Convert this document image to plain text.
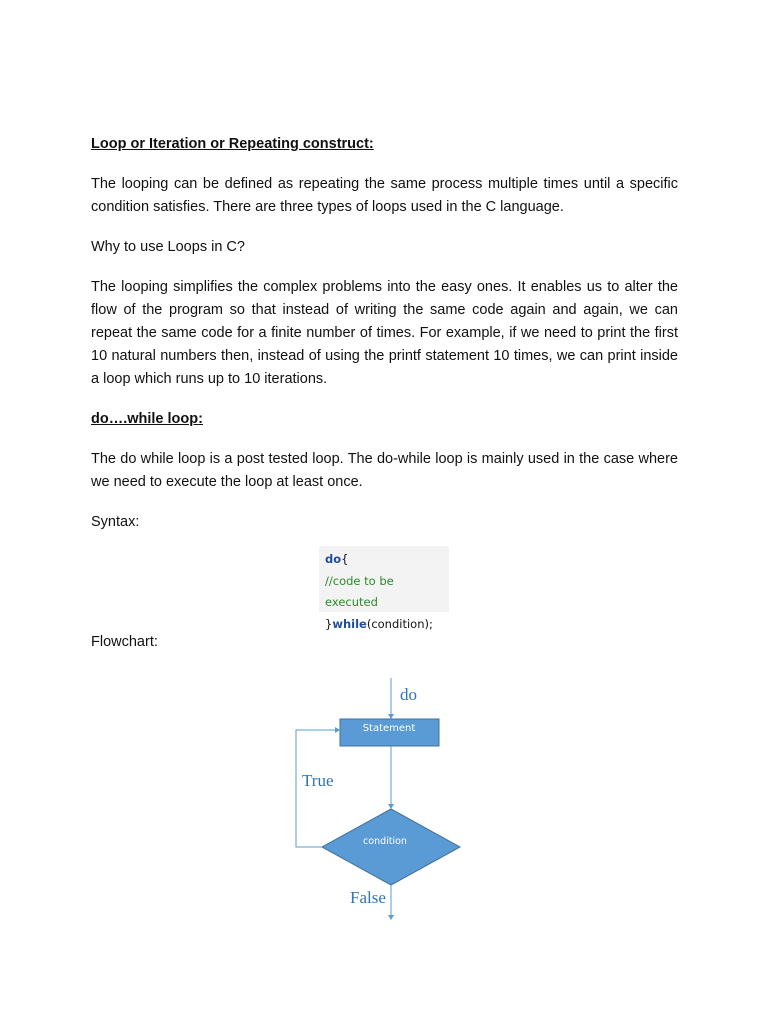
Loop or Iteration or Repeating construct:

The looping can be defined as repeating the same process multiple times until a specific condition satisfies. There are three types of loops used in the C language.

Why to use Loops in C?

The looping simplifies the complex problems into the easy ones. It enables us to alter the flow of the program so that instead of writing the same code again and again, we can repeat the same code for a finite number of times. For example, if we need to print the first 10 natural numbers then, instead of using the printf statement 10 times, we can print inside a loop which runs up to 10 iterations.

do….while loop:

The do while loop is a post tested loop. The do-while loop is mainly used in the case where we need to execute the loop at least once.

Syntax:

do{
//code to be executed
}while(condition);

Flowchart:

do
Statement
condition
True
False
